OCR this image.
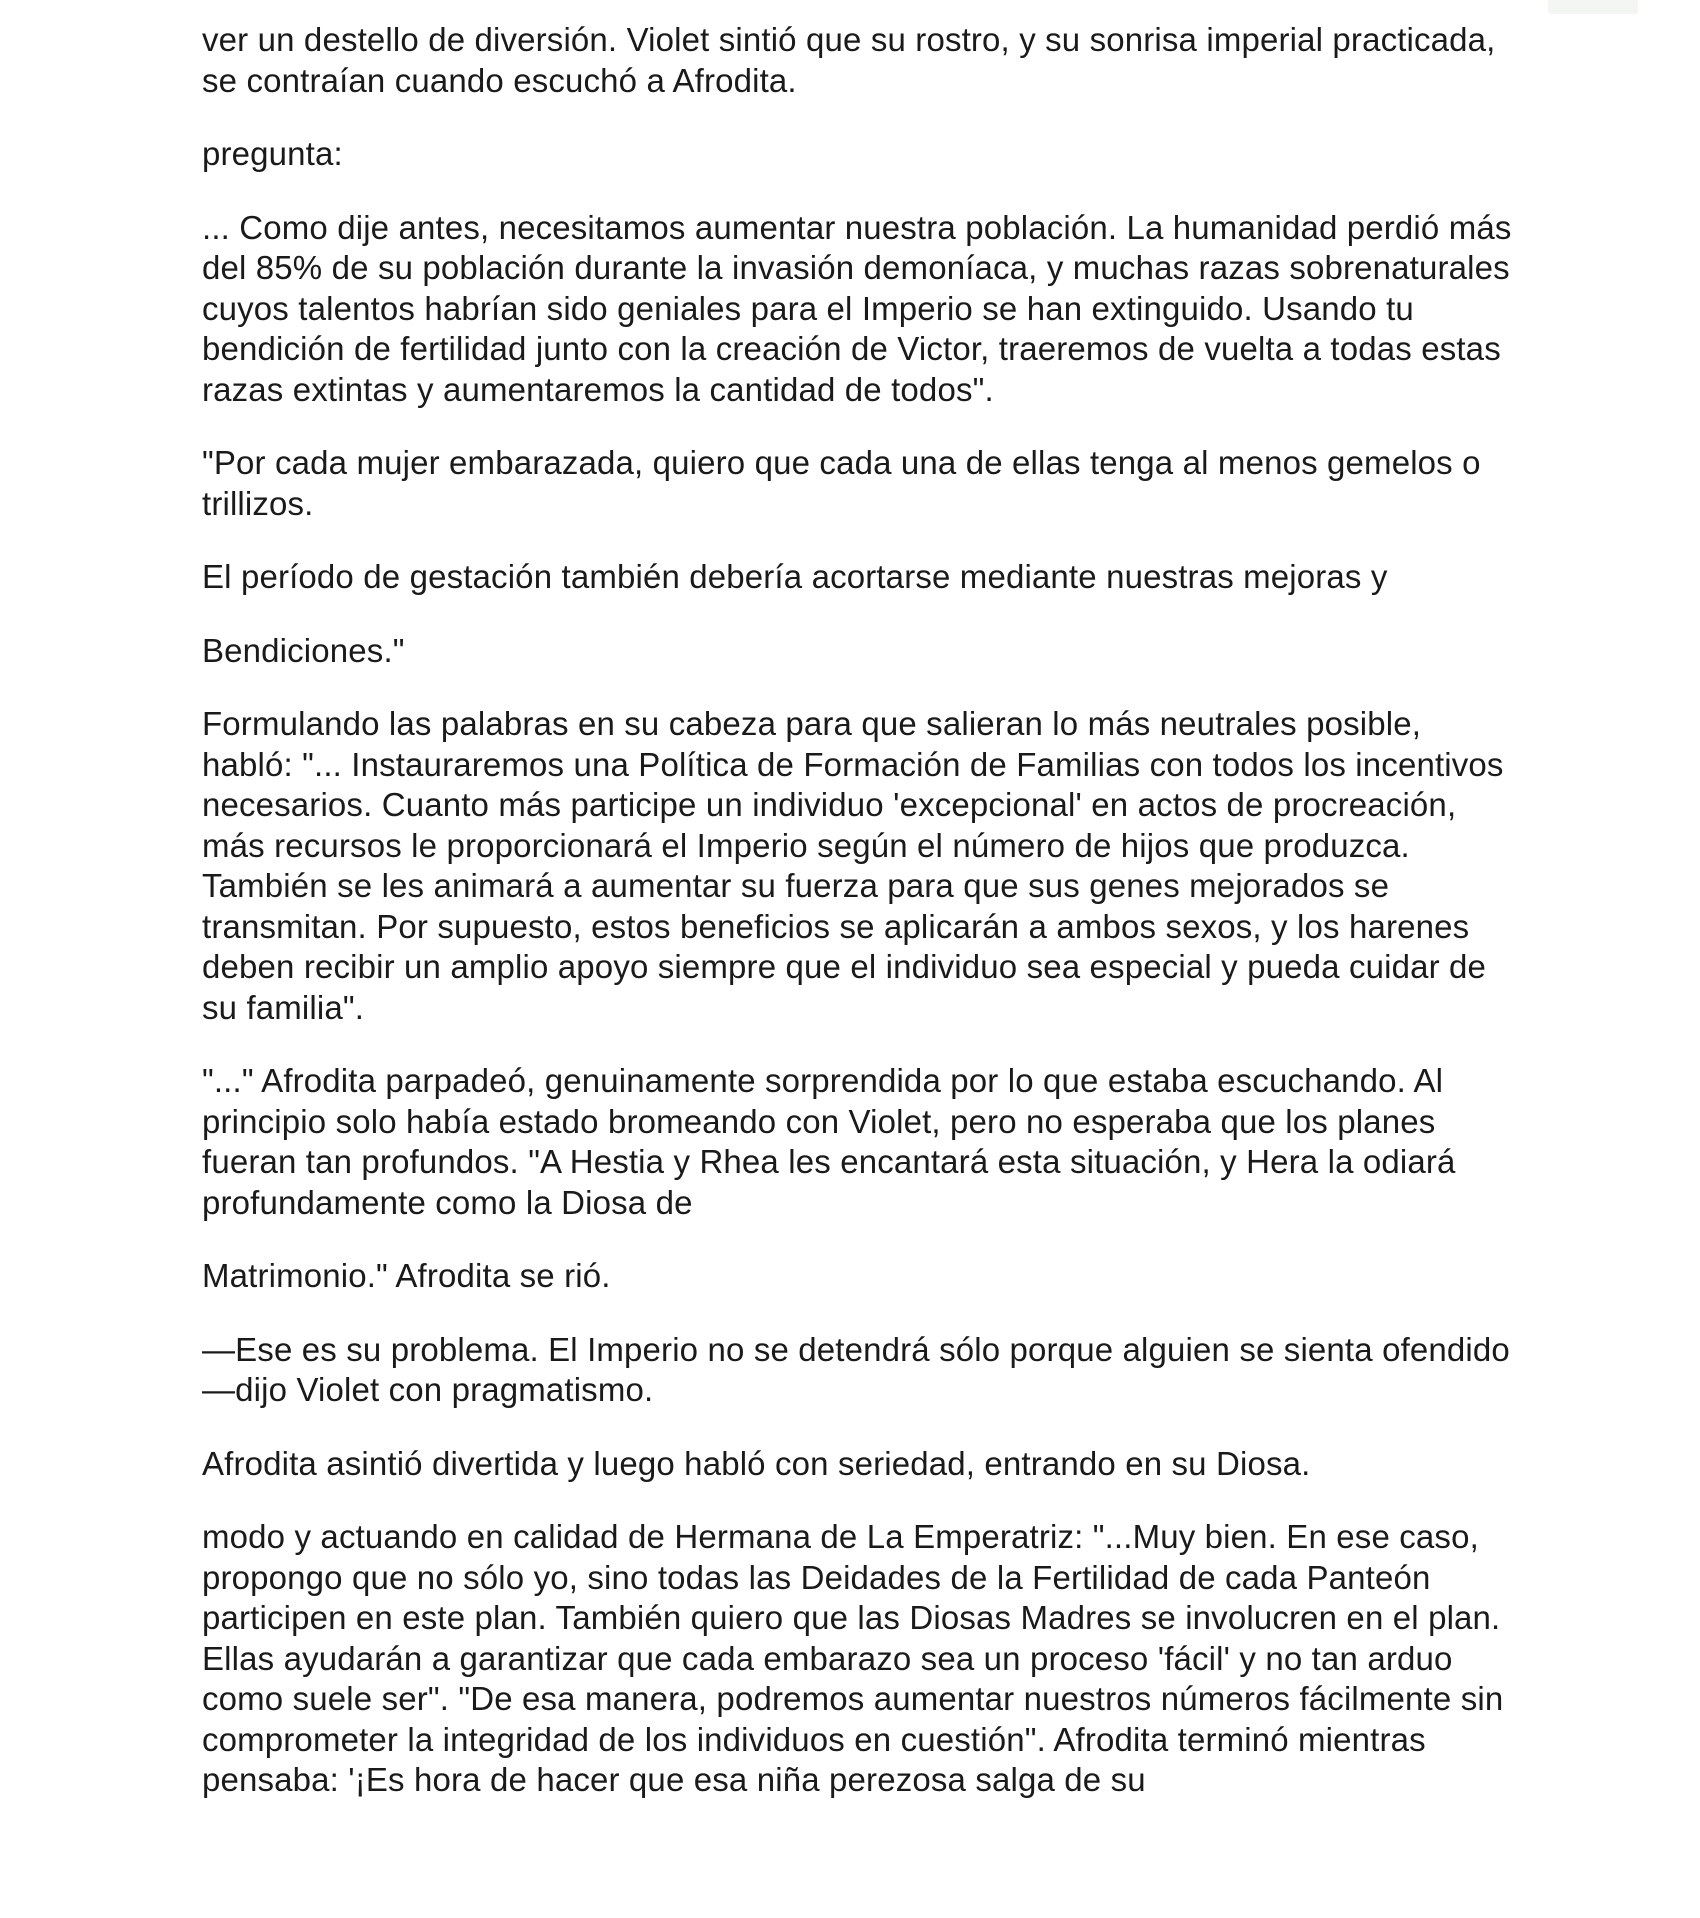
ver un destello de diversión. Violet sintió que su rostro, y su sonrisa imperial practicada, se contraían cuando escuchó a Afrodita.

pregunta:

... Como dije antes, necesitamos aumentar nuestra población. La humanidad perdió más del 85% de su población durante la invasión demoníaca, y muchas razas sobrenaturales cuyos talentos habrían sido geniales para el Imperio se han extinguido. Usando tu bendición de fertilidad junto con la creación de Victor, traeremos de vuelta a todas estas razas extintas y aumentaremos la cantidad de todos".

"Por cada mujer embarazada, quiero que cada una de ellas tenga al menos gemelos o trillizos.

El período de gestación también debería acortarse mediante nuestras mejoras y

Bendiciones."

Formulando las palabras en su cabeza para que salieran lo más neutrales posible, habló: "... Instauraremos una Política de Formación de Familias con todos los incentivos necesarios. Cuanto más participe un individuo 'excepcional' en actos de procreación, más recursos le proporcionará el Imperio según el número de hijos que produzca. También se les animará a aumentar su fuerza para que sus genes mejorados se transmitan. Por supuesto, estos beneficios se aplicarán a ambos sexos, y los harenes deben recibir un amplio apoyo siempre que el individuo sea especial y pueda cuidar de su familia".

"..." Afrodita parpadeó, genuinamente sorprendida por lo que estaba escuchando. Al principio solo había estado bromeando con Violet, pero no esperaba que los planes fueran tan profundos. "A Hestia y Rhea les encantará esta situación, y Hera la odiará profundamente como la Diosa de

Matrimonio." Afrodita se rió.

—Ese es su problema. El Imperio no se detendrá sólo porque alguien se sienta ofendido —dijo Violet con pragmatismo.

Afrodita asintió divertida y luego habló con seriedad, entrando en su Diosa.

modo y actuando en calidad de Hermana de La Emperatriz: "...Muy bien. En ese caso, propongo que no sólo yo, sino todas las Deidades de la Fertilidad de cada Panteón participen en este plan. También quiero que las Diosas Madres se involucren en el plan. Ellas ayudarán a garantizar que cada embarazo sea un proceso 'fácil' y no tan arduo como suele ser". "De esa manera, podremos aumentar nuestros números fácilmente sin comprometer la integridad de los individuos en cuestión". Afrodita terminó mientras pensaba: '¡Es hora de hacer que esa niña perezosa salga de su
